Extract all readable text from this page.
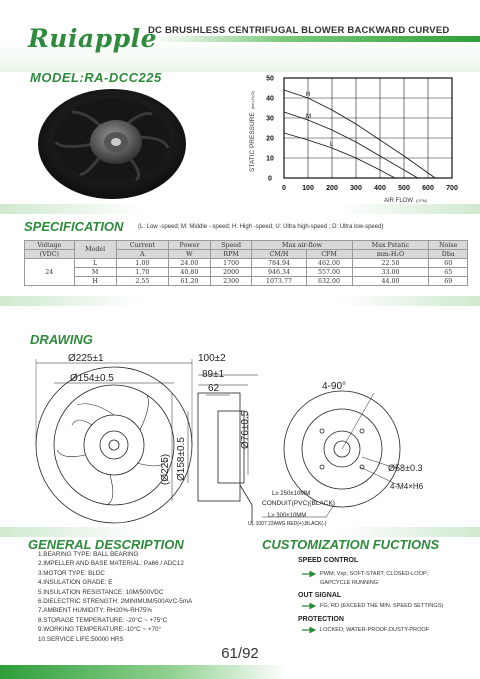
Ruiapple
DC BRUSHLESS CENTRIFUGAL BLOWER BACKWARD CURVED
MODEL:RA-DCC225
H
M
L
0 100 200 300 400 500 600 700
0
10
20
30
40
50
STATIC PRESSURE(mm-H₂O)
AIR FLOW (CFM)
SPECIFICATION (L: Low -speed; M: Middle - speed; H: High -speed; U: Ultra high-speed ; D: Ultra low-speed)
Voltage	Model	Current	Power	Speed	Max air-flow		Max Pstatic	Noise
(VDC)		A	W	RPM	CM/H	CFM	mm-H₂O	Dba
24	L	1.00	24.00	1700	784.94	462.00	22.50	60
	M	1.70	40.80	2000	946.34	557.00	33.00	65
	H	2.55	61.20	2300	1073.77	632.00	44.00	69
DRAWING
Ø225±1
Ø154±0.5
100±2
89±1
62
(Ø225) Ø158±0.5
Ø76±0.5
4-90°
Ø58±0.3
4-M4×H6
L≥ 250±10MM
CONDUIT(PVC)(BLACK)
L≥ 300±10MM
UL 1007 22AWG RED(+),BLACK(-)
GENERAL DESCRIPTION
1.BEARING TYPE: BALL BEARING
2.IMPELLER AND BASE MATERIAL: Pa66 / ADC12
3.MOTOR TYPE: BLDC
4.INSULATION GRADE: E
5.INSULATION RESISTANCE: 10M/500VDC
6.DIELECTRIC STRENGTH: 2MINIMUM/500AVC-5mA
7.AMBIENT HUMIDITY: RH20%-RH75%
8.STORAGE TEMPERATURE: -20°C ~ +75°C
9.WORKING TEMPERATURE:-10°C ~ +70°
10.SERVICE LIFE:50000 HRS
CUSTOMIZATION FUCTIONS
SPEED CONTROL
PWM; Vsp; SOFT-START; CLOSED-LOOP;
GAPCYCLE RUNNING
OUT SIGNAL
FG; RD (EXCEED THE MIN. SPEED SETTINGS)
PROTECTION
LOCKED; WATER-PROOF;DUSTY-PROOF
61/92
